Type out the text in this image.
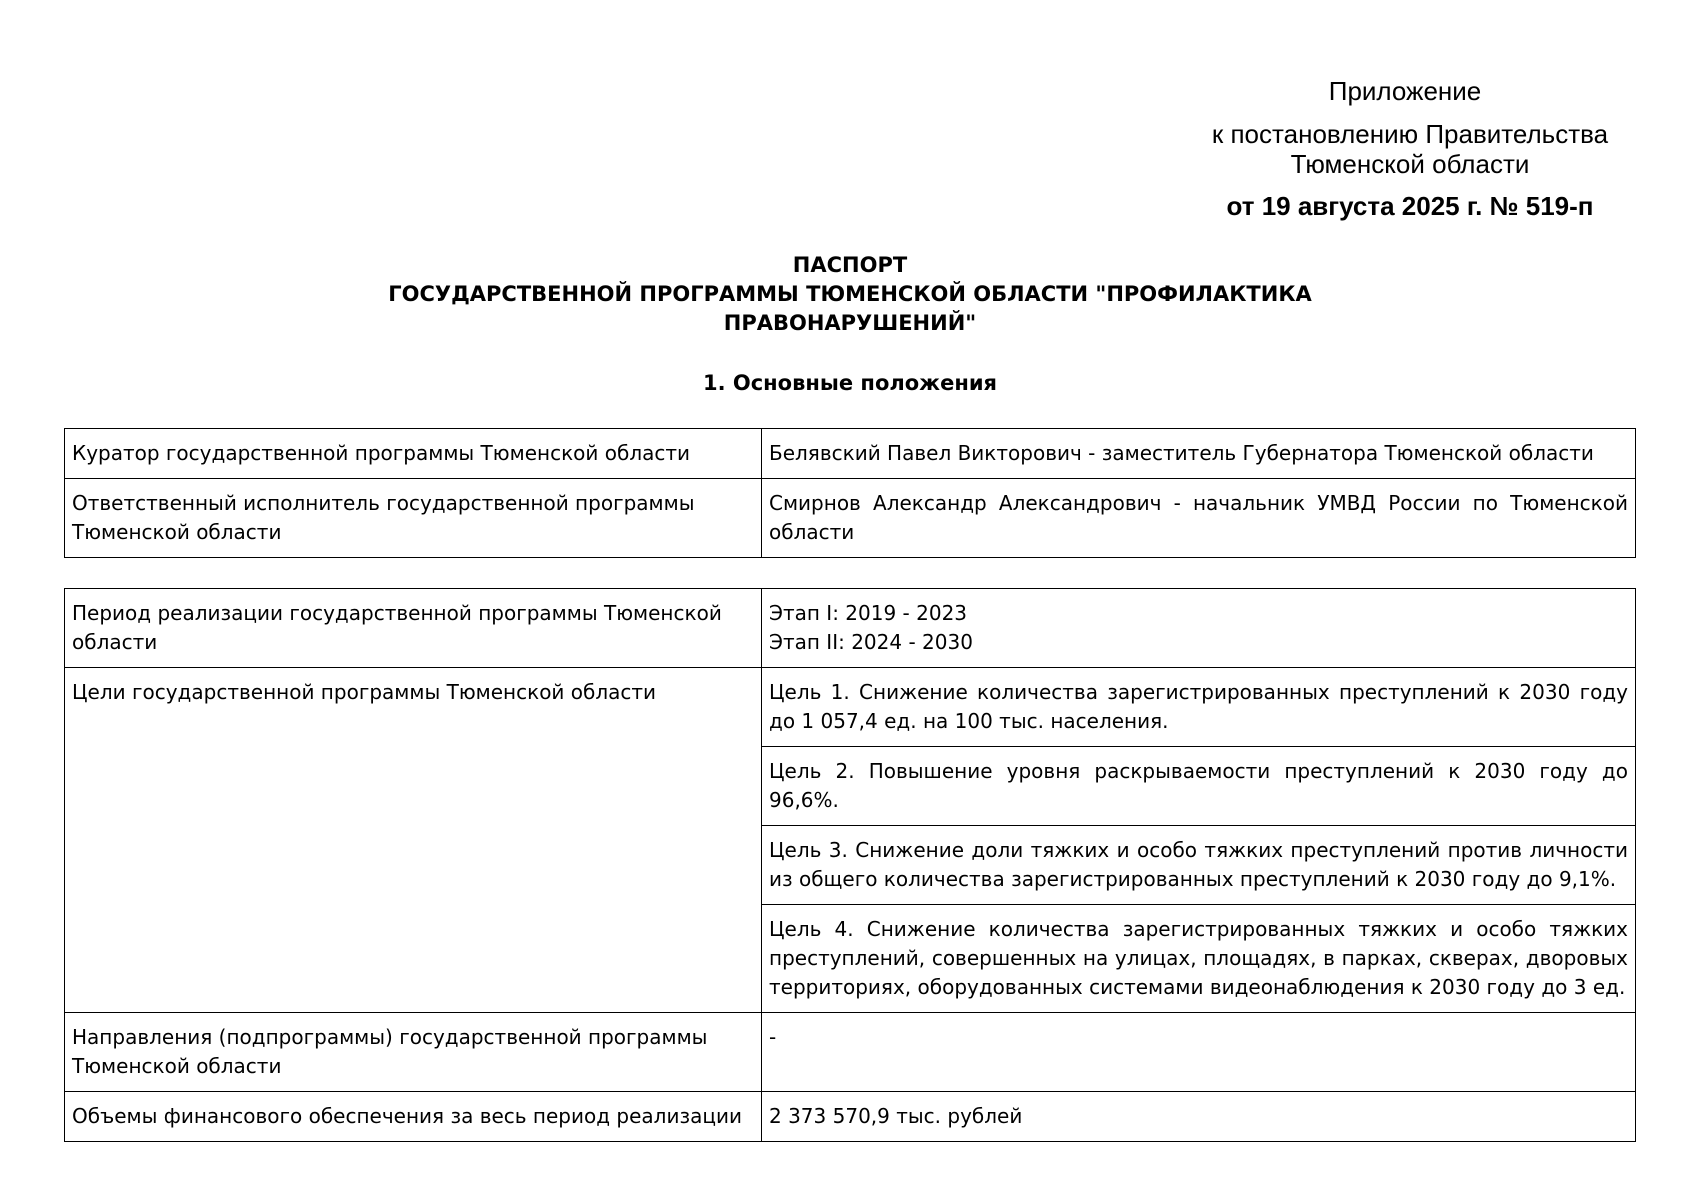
Приложение
к постановлению Правительства
Тюменской области
от 19 августа 2025 г. № 519-п
ПАСПОРТ
ГОСУДАРСТВЕННОЙ ПРОГРАММЫ ТЮМЕНСКОЙ ОБЛАСТИ "ПРОФИЛАКТИКА
ПРАВОНАРУШЕНИЙ"
1. Основные положения
Куратор государственной программы Тюменской области	Белявский Павел Викторович - заместитель Губернатора Тюменской области
Ответственный исполнитель государственной программы Тюменской области	Смирнов Александр Александрович - начальник УМВД России по Тюменской области
Период реализации государственной программы Тюменской области	Этап I: 2019 - 2023
Этап II: 2024 - 2030

Цели государственной программы Тюменской области	Цель 1. Снижение количества зарегистрированных преступлений к 2030 году до 1 057,4 ед. на 100 тыс. населения.
	Цель 2. Повышение уровня раскрываемости преступлений к 2030 году до 96,6%.
	Цель 3. Снижение доли тяжких и особо тяжких преступлений против личности из общего количества зарегистрированных преступлений к 2030 году до 9,1%.
	Цель 4. Снижение количества зарегистрированных тяжких и особо тяжких преступлений, совершенных на улицах, площадях, в парках, скверах, дворовых территориях, оборудованных системами видеонаблюдения к 2030 году до 3 ед.
Направления (подпрограммы) государственной программы Тюменской области	-
Объемы финансового обеспечения за весь период реализации	2 373 570,9 тыс. рублей
